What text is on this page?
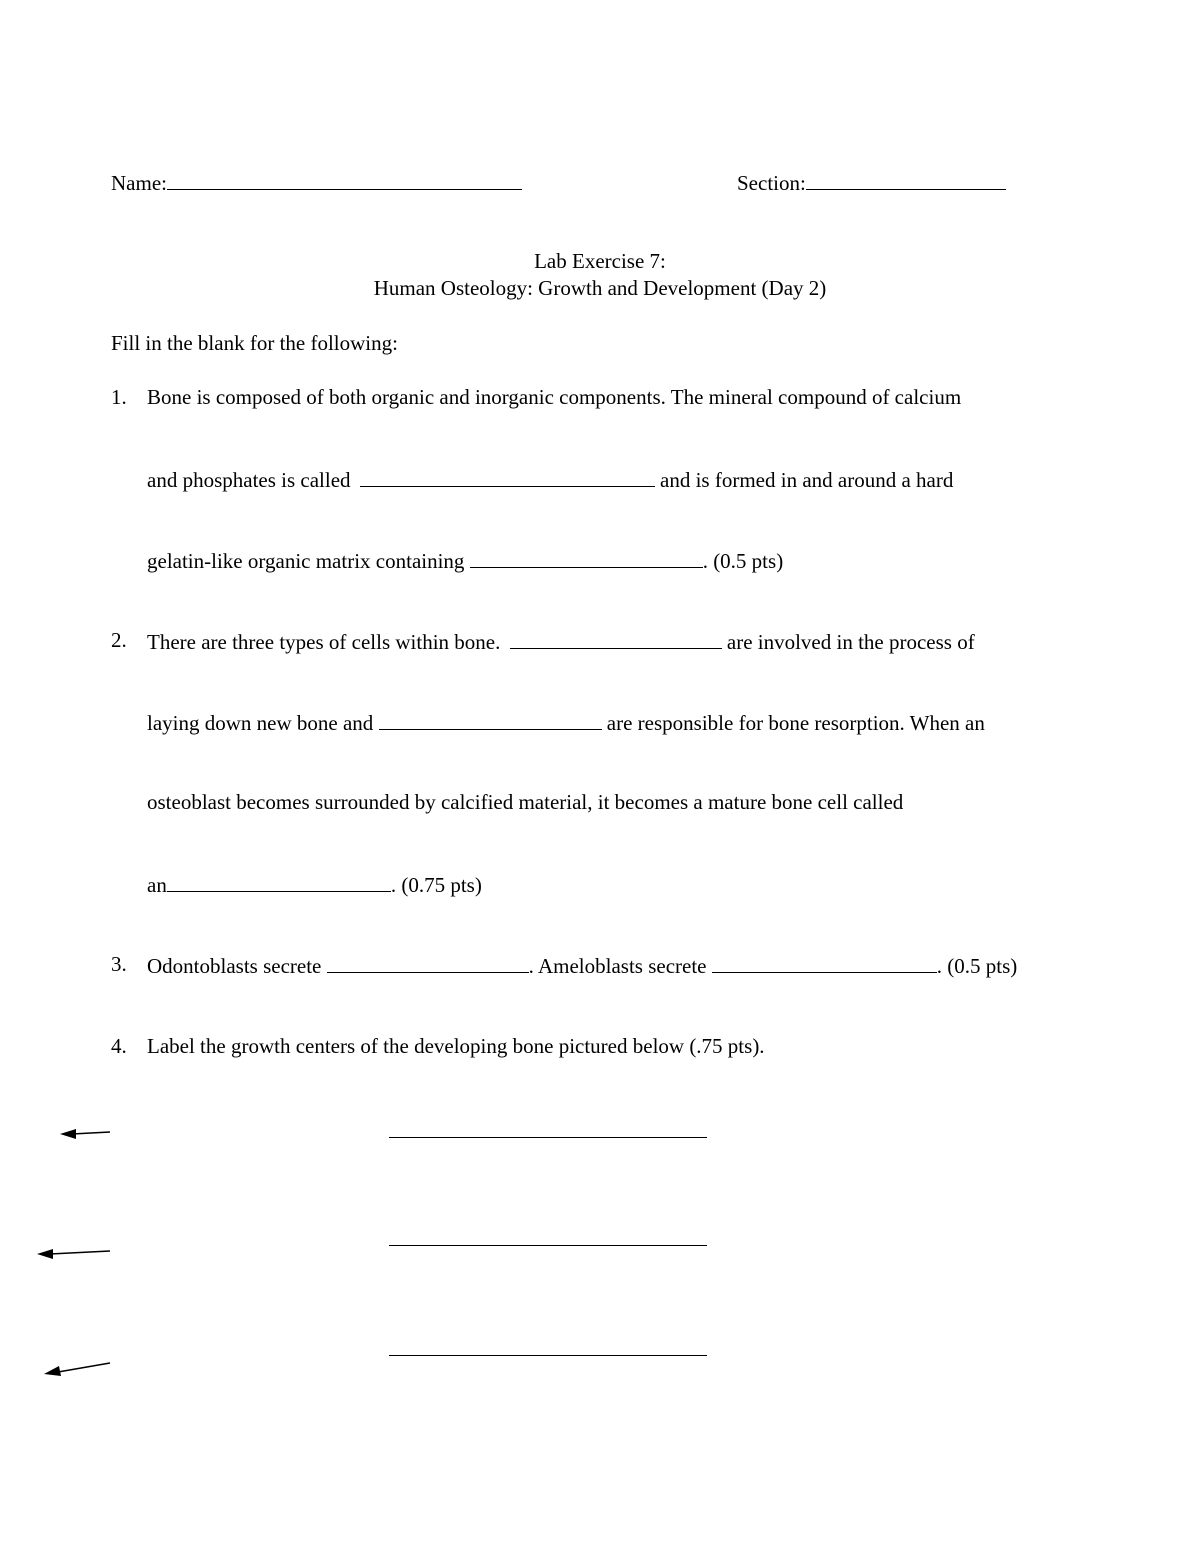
Name:	Section:
Lab Exercise 7:
Human Osteology: Growth and Development (Day 2)
Fill in the blank for the following:
1. Bone is composed of both organic and inorganic components. The mineral compound of calcium
and phosphates is called	and is formed in and around a hard
gelatin-like organic matrix containing	. (0.5 pts)
2. There are three types of cells within bone.	are involved in the process of
laying down new bone and	are responsible for bone resorption. When an
osteoblast becomes surrounded by calcified material, it becomes a mature bone cell called
an	. (0.75 pts)
3. Odontoblasts secrete	. Ameloblasts secrete	. (0.5 pts)
4. Label the growth centers of the developing bone pictured below (.75 pts).
